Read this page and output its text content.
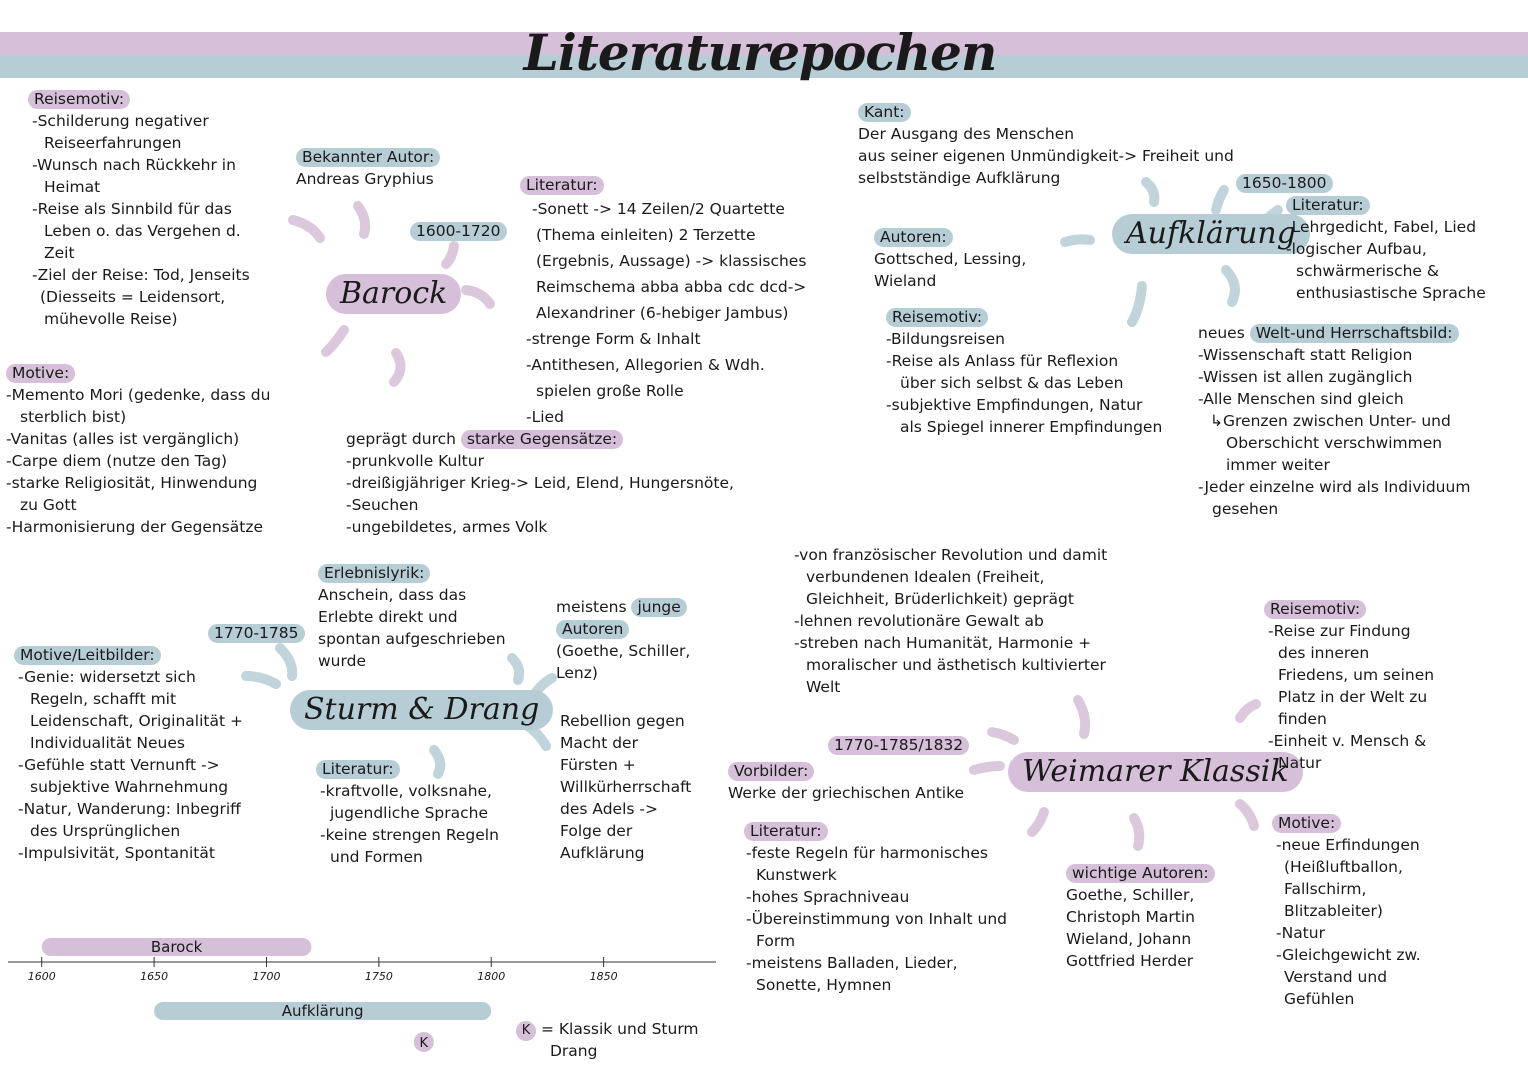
Literaturepochen
Barock
1600-1720
Reisemotiv:
-Schilderung negativer
Reiseerfahrungen
-Wunsch nach Rückkehr in
Heimat
-Reise als Sinnbild für das
Leben o. das Vergehen d.
Zeit
-Ziel der Reise: Tod, Jenseits
(Diesseits = Leidensort,
mühevolle Reise)
Bekannter Autor:
Andreas Gryphius	Literatur:
-Sonett -> 14 Zeilen/2 Quartette
(Thema einleiten) 2 Terzette
(Ergebnis, Aussage) -> klassisches
Reimschema abba abba cdc dcd->
Alexandriner (6-hebiger Jambus)
-strenge Form & Inhalt
-Antithesen, Allegorien & Wdh.
spielen große Rolle
-Lied
Motive:
-Memento Mori (gedenke, dass du
sterblich bist)
-Vanitas (alles ist vergänglich)
-Carpe diem (nutze den Tag)
-starke Religiosität, Hinwendung
zu Gott
-Harmonisierung der Gegensätze
geprägt durch starke Gegensätze:
-prunkvolle Kultur
-dreißigjähriger Krieg-> Leid, Elend, Hungersnöte,
-Seuchen
-ungebildetes, armes Volk
Aufklärung
1650-1800
Kant:
Der Ausgang des Menschen
aus seiner eigenen Unmündigkeit-> Freiheit und
selbstständige Aufklärung
Autoren:
Gottsched, Lessing,
Wieland
Literatur:
-Lehrgedicht, Fabel, Lied
-logischer Aufbau,
schwärmerische &
enthusiastische Sprache
Reisemotiv:
-Bildungsreisen
-Reise als Anlass für Reflexion
über sich selbst & das Leben
-subjektive Empfindungen, Natur
als Spiegel innerer Empfindungen
neues Welt-und Herrschaftsbild:
-Wissenschaft statt Religion
-Wissen ist allen zugänglich
-Alle Menschen sind gleich
↳Grenzen zwischen Unter- und
Oberschicht verschwimmen
immer weiter
-Jeder einzelne wird als Individuum
gesehen
Sturm & Drang
1770-1785
Erlebnislyrik:
Anschein, dass das
Erlebte direkt und
spontan aufgeschrieben
wurde
meistens junge
Autoren
(Goethe, Schiller,
Lenz)
Motive/Leitbilder:
-Genie: widersetzt sich
Regeln, schafft mit
Leidenschaft, Originalität +
Individualität Neues
-Gefühle statt Vernunft ->
subjektive Wahrnehmung
-Natur, Wanderung: Inbegriff
des Ursprünglichen
-Impulsivität, Spontanität
Literatur:
-kraftvolle, volksnahe,
jugendliche Sprache
-keine strengen Regeln
und Formen
Rebellion gegen
Macht der
Fürsten +
Willkürherrschaft
des Adels ->
Folge der
Aufklärung
Weimarer Klassik
1770-1785/1832
-von französischer Revolution und damit
verbundenen Idealen (Freiheit,
Gleichheit, Brüderlichkeit) geprägt
-lehnen revolutionäre Gewalt ab
-streben nach Humanität, Harmonie +
moralischer und ästhetisch kultivierter
Welt
Reisemotiv:
-Reise zur Findung
des inneren
Friedens, um seinen
Platz in der Welt zu
finden
-Einheit v. Mensch &
Natur
Vorbilder:
Werke der griechischen Antike
Literatur:
-feste Regeln für harmonisches
Kunstwerk
-hohes Sprachniveau
-Übereinstimmung von Inhalt und
Form
-meistens Balladen, Lieder,
Sonette, Hymnen
wichtige Autoren:
Goethe, Schiller,
Christoph Martin
Wieland, Johann
Gottfried Herder
Motive:
-neue Erfindungen
(Heißluftballon,
Fallschirm,
Blitzableiter)
-Natur
-Gleichgewicht zw.
Verstand und
Gefühlen
Barock
Aufklärung
1600	1650	1700	1750	1800	1850
K
K = Klassik und Sturm
Drang
